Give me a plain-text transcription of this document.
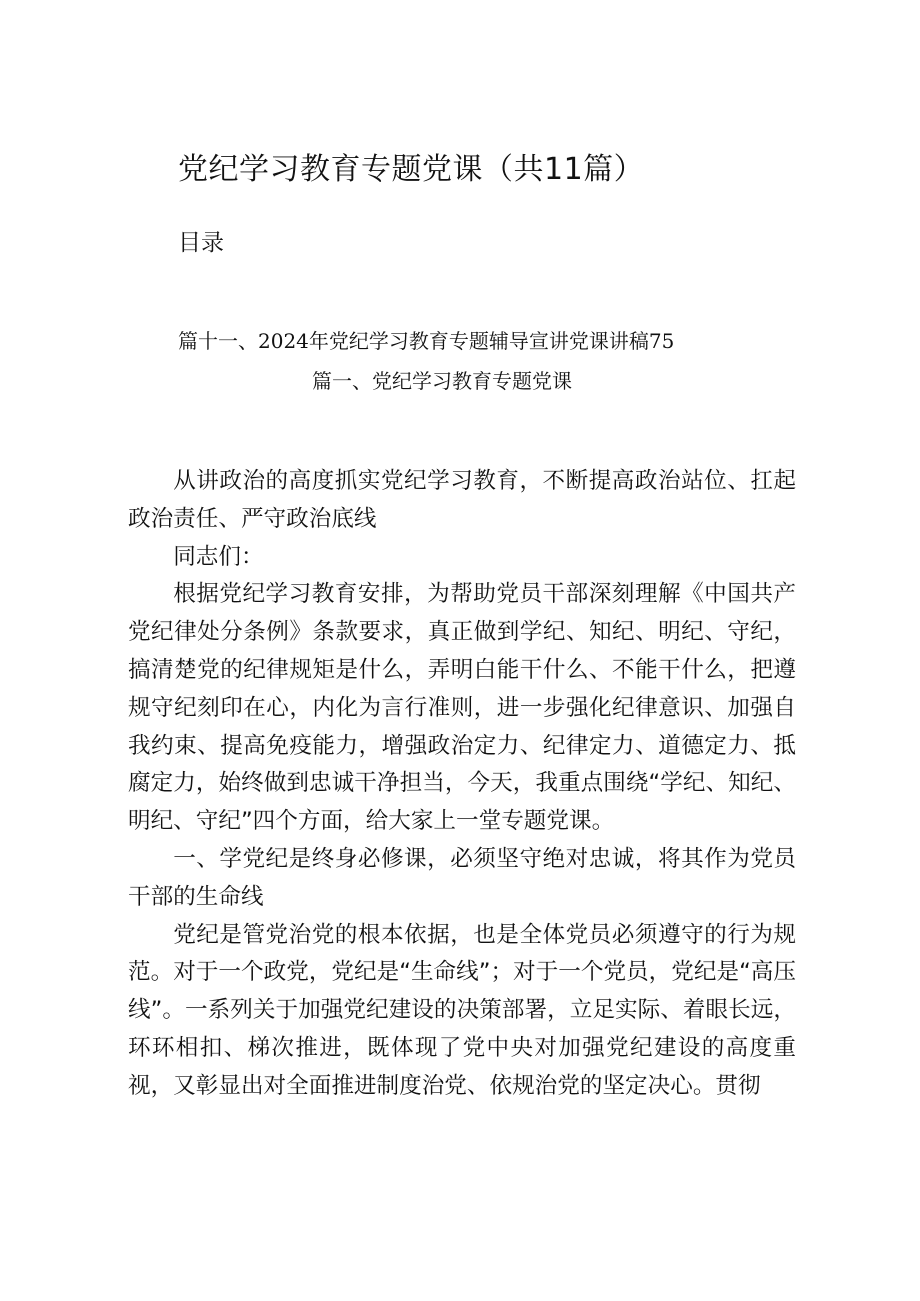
党纪学习教育专题党课（共11篇）
目录
篇十一、2024年党纪学习教育专题辅导宣讲党课讲稿75
篇一、党纪学习教育专题党课

从讲政治的高度抓实党纪学习教育，不断提高政治站位、扛起政治责任、严守政治底线

同志们：

根据党纪学习教育安排，为帮助党员干部深刻理解《中国共产党纪律处分条例》条款要求，真正做到学纪、知纪、明纪、守纪，搞清楚党的纪律规矩是什么，弄明白能干什么、不能干什么，把遵规守纪刻印在心，内化为言行准则，进一步强化纪律意识、加强自我约束、提高免疫能力，增强政治定力、纪律定力、道德定力、抵腐定力，始终做到忠诚干净担当，今天，我重点围绕“学纪、知纪、明纪、守纪”四个方面，给大家上一堂专题党课。

一、学党纪是终身必修课，必须坚守绝对忠诚，将其作为党员干部的生命线

党纪是管党治党的根本依据，也是全体党员必须遵守的行为规范。对于一个政党，党纪是“生命线”；对于一个党员，党纪是“高压线”。一系列关于加强党纪建设的决策部署，立足实际、着眼长远，环环相扣、梯次推进，既体现了党中央对加强党纪建设的高度重视，又彰显出对全面推进制度治党、依规治党的坚定决心。贯彻
